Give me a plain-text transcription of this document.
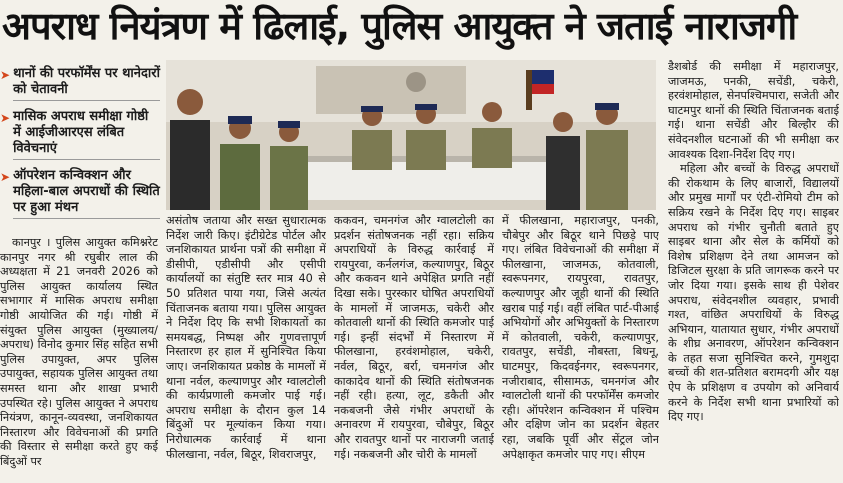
अपराध नियंत्रण में ढिलाई, पुलिस आयुक्त ने जताई नाराजगी
➤ थानों की परफॉर्मेंस पर थानेदारों को चेतावनी
➤ मासिक अपराध समीक्षा गोष्ठी में आईजीआरएस लंबित विवेचनाएं
➤ ऑपरेशन कन्विक्शन और महिला-बाल अपराधों की स्थिति पर हुआ मंथन

कानपुर । पुलिस आयुक्त कमिश्नरेट कानपुर नगर श्री रघुबीर लाल की अध्यक्षता में 21 जनवरी 2026 को पुलिस आयुक्त कार्यालय स्थित सभागार में मासिक अपराध समीक्षा गोष्ठी आयोजित की गई। गोष्ठी में संयुक्त पुलिस आयुक्त (मुख्यालय/अपराध) विनोद कुमार सिंह सहित सभी पुलिस उपायुक्त, अपर पुलिस उपायुक्त, सहायक पुलिस आयुक्त तथा समस्त थाना और शाखा प्रभारी उपस्थित रहे। पुलिस आयुक्त ने अपराध नियंत्रण, कानून-व्यवस्था, जनशिकायत निस्तारण और विवेचनाओं की प्रगति की विस्तार से समीक्षा करते हुए कई बिंदुओं पर

असंतोष जताया और सख्त सुधारात्मक निर्देश जारी किए। इंटीग्रेटेड पोर्टल और जनशिकायत प्रार्थना पत्रों की समीक्षा में डीसीपी, एडीसीपी और एसीपी कार्यालयों का संतुष्टि स्तर मात्र 40 से 50 प्रतिशत पाया गया, जिसे अत्यंत चिंताजनक बताया गया। पुलिस आयुक्त ने निर्देश दिए कि सभी शिकायतों का समयबद्ध, निष्पक्ष और गुणवत्तापूर्ण निस्तारण हर हाल में सुनिश्चित किया जाए। जनशिकायत प्रकोष्ठ के मामलों में थाना नर्वल, कल्याणपुर और ग्वालटोली की कार्यप्रणाली कमजोर पाई गई। अपराध समीक्षा के दौरान कुल 14 बिंदुओं पर मूल्यांकन किया गया। निरोधात्मक कार्रवाई में थाना फीलखाना, नर्वल, बिठूर, शिवराजपुर,

ककवन, चमनगंज और ग्वालटोली का प्रदर्शन संतोषजनक नहीं रहा। सक्रिय अपराधियों के विरुद्ध कार्रवाई में रायपुरवा, कर्नलगंज, कल्याणपुर, बिठूर और ककवन थाने अपेक्षित प्रगति नहीं दिखा सके। पुरस्कार घोषित अपराधियों के मामलों में जाजमऊ, चकेरी और कोतवाली थानों की स्थिति कमजोर पाई गई। इन्हीं संदर्भों में निस्तारण में फीलखाना, हरवंशमोहाल, चकेरी, नर्वल, बिठूर, बर्रा, चमनगंज और काकादेव थानों की स्थिति संतोषजनक नहीं रही। हत्या, लूट, डकैती और नकबजनी जैसे गंभीर अपराधों के अनावरण में रायपुरवा, चौबेपुर, बिठूर और रावतपुर थानों पर नाराजगी जताई गई। नकबजनी और चोरी के मामलों

में फीलखाना, महाराजपुर, पनकी, चौबेपुर और बिठूर थाने पिछड़े पाए गए। लंबित विवेचनाओं की समीक्षा में फीलखाना, जाजमऊ, कोतवाली, स्वरूपनगर, रायपुरवा, रावतपुर, कल्याणपुर और जूही थानों की स्थिति खराब पाई गई। वहीं लंबित पार्ट-पीआई अभियोगों और अभियुक्तों के निस्तारण में कोतवाली, चकेरी, कल्याणपुर, रावतपुर, सचेंडी, नौबस्ता, बिधनू, घाटमपुर, किदवईनगर, स्वरूपनगर, नजीराबाद, सीसामऊ, चमनगंज और ग्वालटोली थानों की परफॉर्मेंस कमजोर रही। ऑपरेशन कन्विक्शन में पश्चिम और दक्षिण जोन का प्रदर्शन बेहतर रहा, जबकि पूर्वी और सेंट्रल जोन अपेक्षाकृत कमजोर पाए गए। सीएम

डैशबोर्ड की समीक्षा में महाराजपुर, जाजमऊ, पनकी, सचेंडी, चकेरी, हरवंशमोहाल, सेनपश्चिमपारा, सजेती और घाटमपुर थानों की स्थिति चिंताजनक बताई गई। थाना सचेंडी और बिल्हौर की संवेदनशील घटनाओं की भी समीक्षा कर आवश्यक दिशा-निर्देश दिए गए।

महिला और बच्चों के विरुद्ध अपराधों की रोकथाम के लिए बाजारों, विद्यालयों और प्रमुख मार्गों पर एंटी-रोमियो टीम को सक्रिय रखने के निर्देश दिए गए। साइबर अपराध को गंभीर चुनौती बताते हुए साइबर थाना और सेल के कर्मियों को विशेष प्रशिक्षण देने तथा आमजन को डिजिटल सुरक्षा के प्रति जागरूक करने पर जोर दिया गया। इसके साथ ही पेशेवर अपराध, संवेदनशील व्यवहार, प्रभावी गश्त, वांछित अपराधियों के विरुद्ध अभियान, यातायात सुधार, गंभीर अपराधों के शीघ्र अनावरण, ऑपरेशन कन्विक्शन के तहत सजा सुनिश्चित करने, गुमशुदा बच्चों की शत-प्रतिशत बरामदगी और यक्ष ऐप के प्रशिक्षण व उपयोग को अनिवार्य करने के निर्देश सभी थाना प्रभारियों को दिए गए।
